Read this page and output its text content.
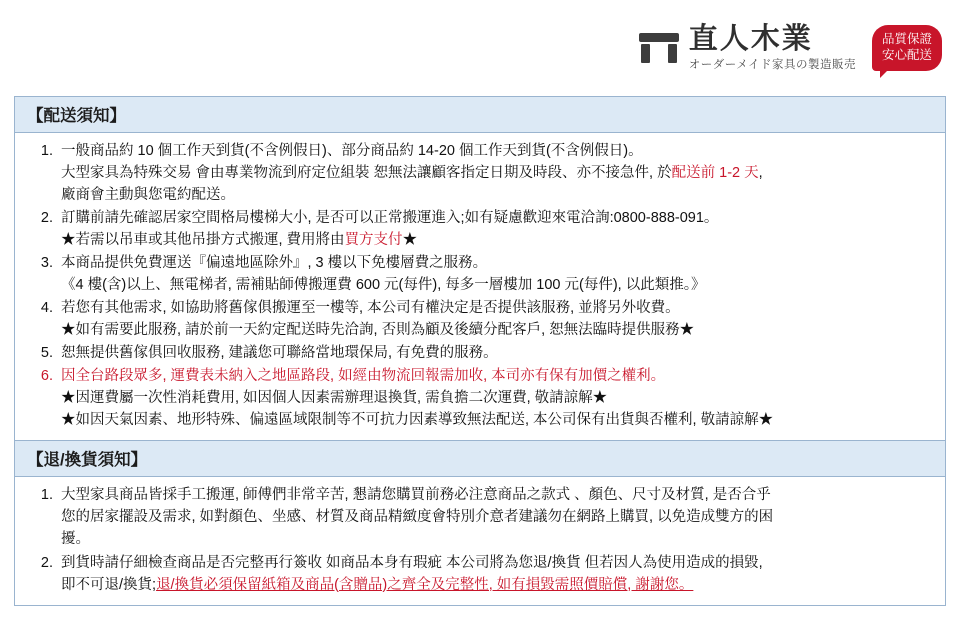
直人木業
オーダーメイド家具の製造販売
品質保證
安心配送
【配送須知】
1. 一般商品約 10 個工作天到貨(不含例假日)、部分商品約 14-20 個工作天到貨(不含例假日)。
大型家具為特殊交易 會由專業物流到府定位組裝 恕無法讓顧客指定日期及時段、亦不接急件, 於配送前 1-2 天,
廠商會主動與您電約配送。
2. 訂購前請先確認居家空間格局樓梯大小, 是否可以正常搬運進入;如有疑慮歡迎來電洽詢:0800-888-091。
★若需以吊車或其他吊掛方式搬運, 費用將由買方支付★
3. 本商品提供免費運送『偏遠地區除外』, 3 樓以下免樓層費之服務。
《4 樓(含)以上、無電梯者, 需補貼師傅搬運費 600 元(每件), 每多一層樓加 100 元(每件), 以此類推。》
4. 若您有其他需求, 如協助將舊傢俱搬運至一樓等, 本公司有權決定是否提供該服務, 並將另外收費。
★如有需要此服務, 請於前一天約定配送時先洽詢, 否則為顧及後續分配客戶, 恕無法臨時提供服務★
5. 恕無提供舊傢俱回收服務, 建議您可聯絡當地環保局, 有免費的服務。
6. 因全台路段眾多, 運費表未納入之地區路段, 如經由物流回報需加收, 本司亦有保有加價之權利。
★因運費屬一次性消耗費用, 如因個人因素需辦理退換貨, 需負擔二次運費, 敬請諒解★
★如因天氣因素、地形特殊、偏遠區域限制等不可抗力因素導致無法配送, 本公司保有出貨與否權利, 敬請諒解★
【退/換貨須知】
1. 大型家具商品皆採手工搬運, 師傅們非常辛苦, 懇請您購買前務必注意商品之款式 、顏色、尺寸及材質, 是否合乎
您的居家擺設及需求, 如對顏色、坐感、材質及商品精緻度會特別介意者建議勿在網路上購買, 以免造成雙方的困
擾。
2. 到貨時請仔細檢查商品是否完整再行簽收 如商品本身有瑕疵 本公司將為您退/換貨 但若因人為使用造成的損毀,
即不可退/換貨;退/換貨必須保留紙箱及商品(含贈品)之齊全及完整性, 如有損毀需照價賠償, 謝謝您。
